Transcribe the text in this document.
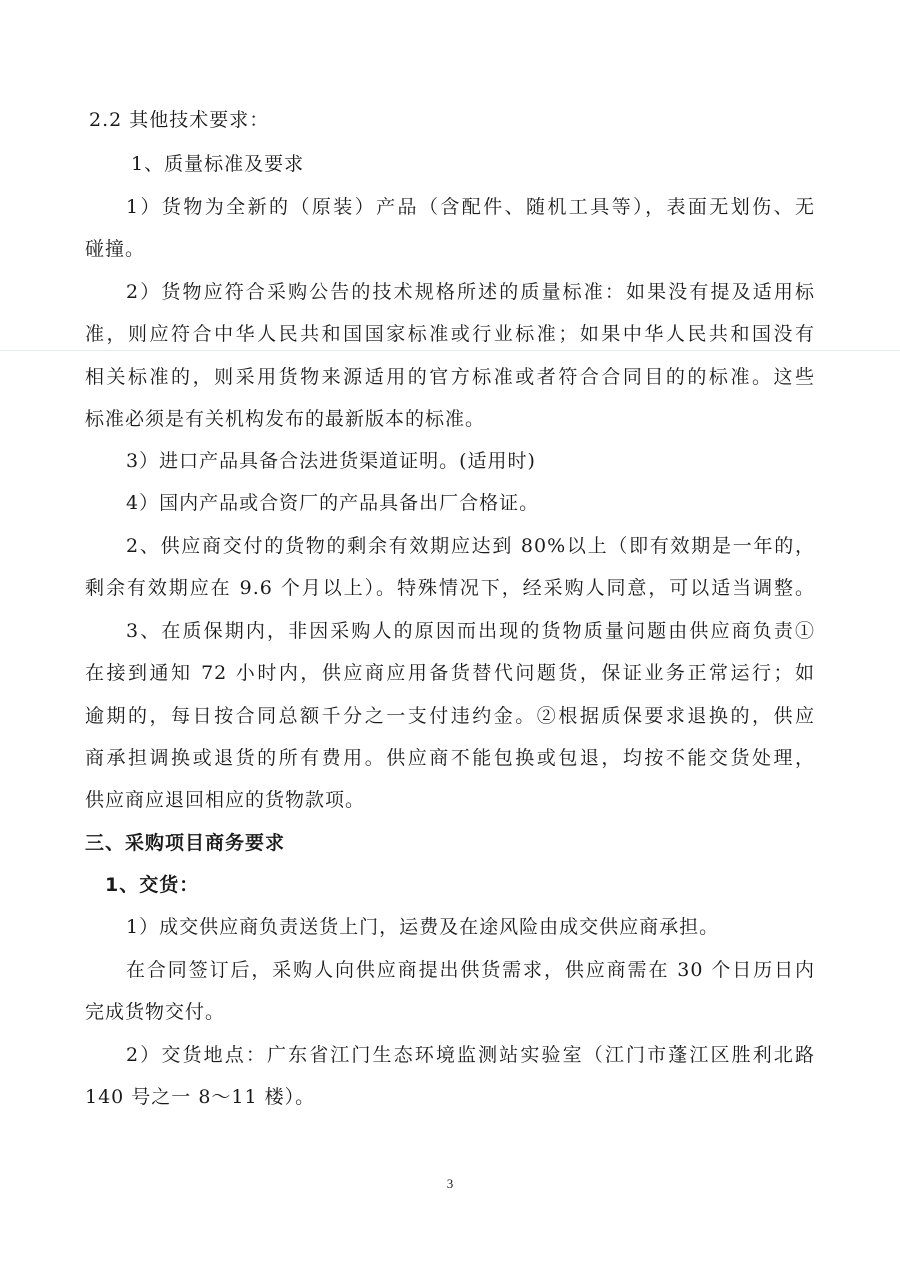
2.2 其他技术要求：
1、质量标准及要求
1）货物为全新的（原装）产品（含配件、随机工具等），表面无划伤、无
碰撞。
2）货物应符合采购公告的技术规格所述的质量标准：如果没有提及适用标
准，则应符合中华人民共和国国家标准或行业标准；如果中华人民共和国没有
相关标准的，则采用货物来源适用的官方标准或者符合合同目的的标准。这些
标准必须是有关机构发布的最新版本的标准。
3）进口产品具备合法进货渠道证明。(适用时)
4）国内产品或合资厂的产品具备出厂合格证。
2、供应商交付的货物的剩余有效期应达到 80%以上（即有效期是一年的，
剩余有效期应在 9.6 个月以上）。特殊情况下，经采购人同意，可以适当调整。
3、在质保期内，非因采购人的原因而出现的货物质量问题由供应商负责①
在接到通知 72 小时内，供应商应用备货替代问题货，保证业务正常运行；如
逾期的，每日按合同总额千分之一支付违约金。②根据质保要求退换的，供应
商承担调换或退货的所有费用。供应商不能包换或包退，均按不能交货处理，
供应商应退回相应的货物款项。
三、采购项目商务要求
1、交货：
1）成交供应商负责送货上门，运费及在途风险由成交供应商承担。
在合同签订后，采购人向供应商提出供货需求，供应商需在 30 个日历日内
完成货物交付。
2）交货地点：广东省江门生态环境监测站实验室（江门市蓬江区胜利北路
140 号之一 8～11 楼）。
3
